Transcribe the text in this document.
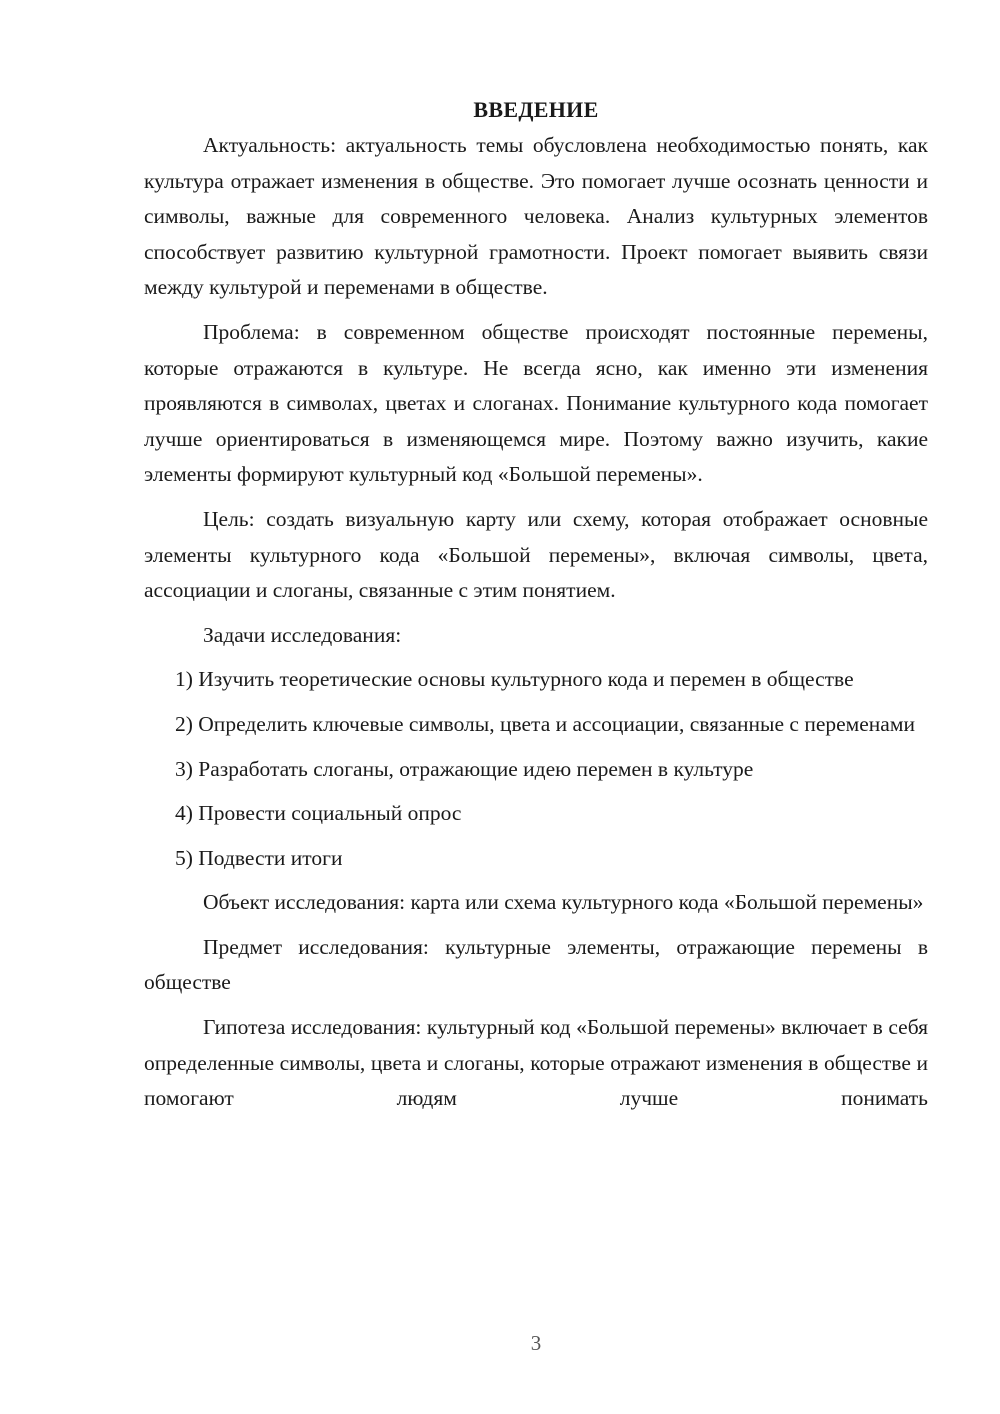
ВВЕДЕНИЕ

Актуальность: актуальность темы обусловлена необходимостью понять, как культура отражает изменения в обществе. Это помогает лучше осознать ценности и символы, важные для современного человека. Анализ культурных элементов способствует развитию культурной грамотности. Проект помогает выявить связи между культурой и переменами в обществе.

Проблема: в современном обществе происходят постоянные перемены, которые отражаются в культуре. Не всегда ясно, как именно эти изменения проявляются в символах, цветах и слоганах. Понимание культурного кода помогает лучше ориентироваться в изменяющемся мире. Поэтому важно изучить, какие элементы формируют культурный код «Большой перемены».

Цель: создать визуальную карту или схему, которая отображает основные элементы культурного кода «Большой перемены», включая символы, цвета, ассоциации и слоганы, связанные с этим понятием.

Задачи исследования:

1) Изучить теоретические основы культурного кода и перемен в обществе

2) Определить ключевые символы, цвета и ассоциации, связанные с переменами

3) Разработать слоганы, отражающие идею перемен в культуре

4) Провести социальный опрос

5) Подвести итоги

Объект исследования: карта или схема культурного кода «Большой перемены»

Предмет исследования: культурные элементы, отражающие перемены в обществе

Гипотеза исследования: культурный код «Большой перемены» включает в себя определенные символы, цвета и слоганы, которые отражают изменения в обществе и помогают людям лучше понимать

3
